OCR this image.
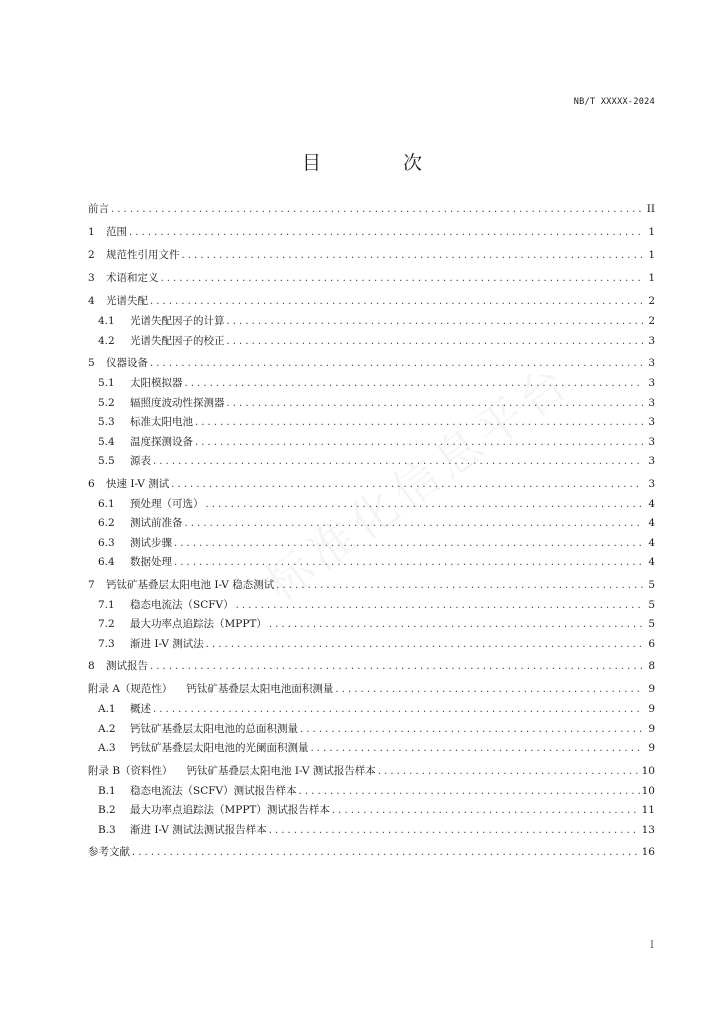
NB/T XXXXX-2024
目 次
前言 .....	II
1 范围 .....	1
2 规范性引用文件 .....	1
3 术语和定义 .....	1
4 光谱失配 .....	2
4.1 光谱失配因子的计算 .....	2
4.2 光谱失配因子的校正 .....	3
5 仪器设备 .....	3
5.1 太阳模拟器 .....	3
5.2 辐照度波动性探测器 .....	3
5.3 标准太阳电池 .....	3
5.4 温度探测设备 .....	3
5.5 源表 .....	3
6 快速 I-V 测试 .....	3
6.1 预处理（可选） .....	4
6.2 测试前准备 .....	4
6.3 测试步骤 .....	4
6.4 数据处理 .....	4
7 钙钛矿基叠层太阳电池 I-V 稳态测试 .....	5
7.1 稳态电流法（SCFV） .....	5
7.2 最大功率点追踪法（MPPT） .....	5
7.3 渐进 I-V 测试法 .....	6
8 测试报告 .....	8
附录 A（规范性） 钙钛矿基叠层太阳电池面积测量 .....	9
A.1 概述 .....	9
A.2 钙钛矿基叠层太阳电池的总面积测量 .....	9
A.3 钙钛矿基叠层太阳电池的光阑面积测量 .....	9
附录 B（资料性） 钙钛矿基叠层太阳电池 I-V 测试报告样本 .....	10
B.1 稳态电流法（SCFV）测试报告样本 .....	10
B.2 最大功率点追踪法（MPPT）测试报告样本 .....	11
B.3 渐进 I-V 测试法测试报告样本 .....	13
参考文献 .....	16
I
